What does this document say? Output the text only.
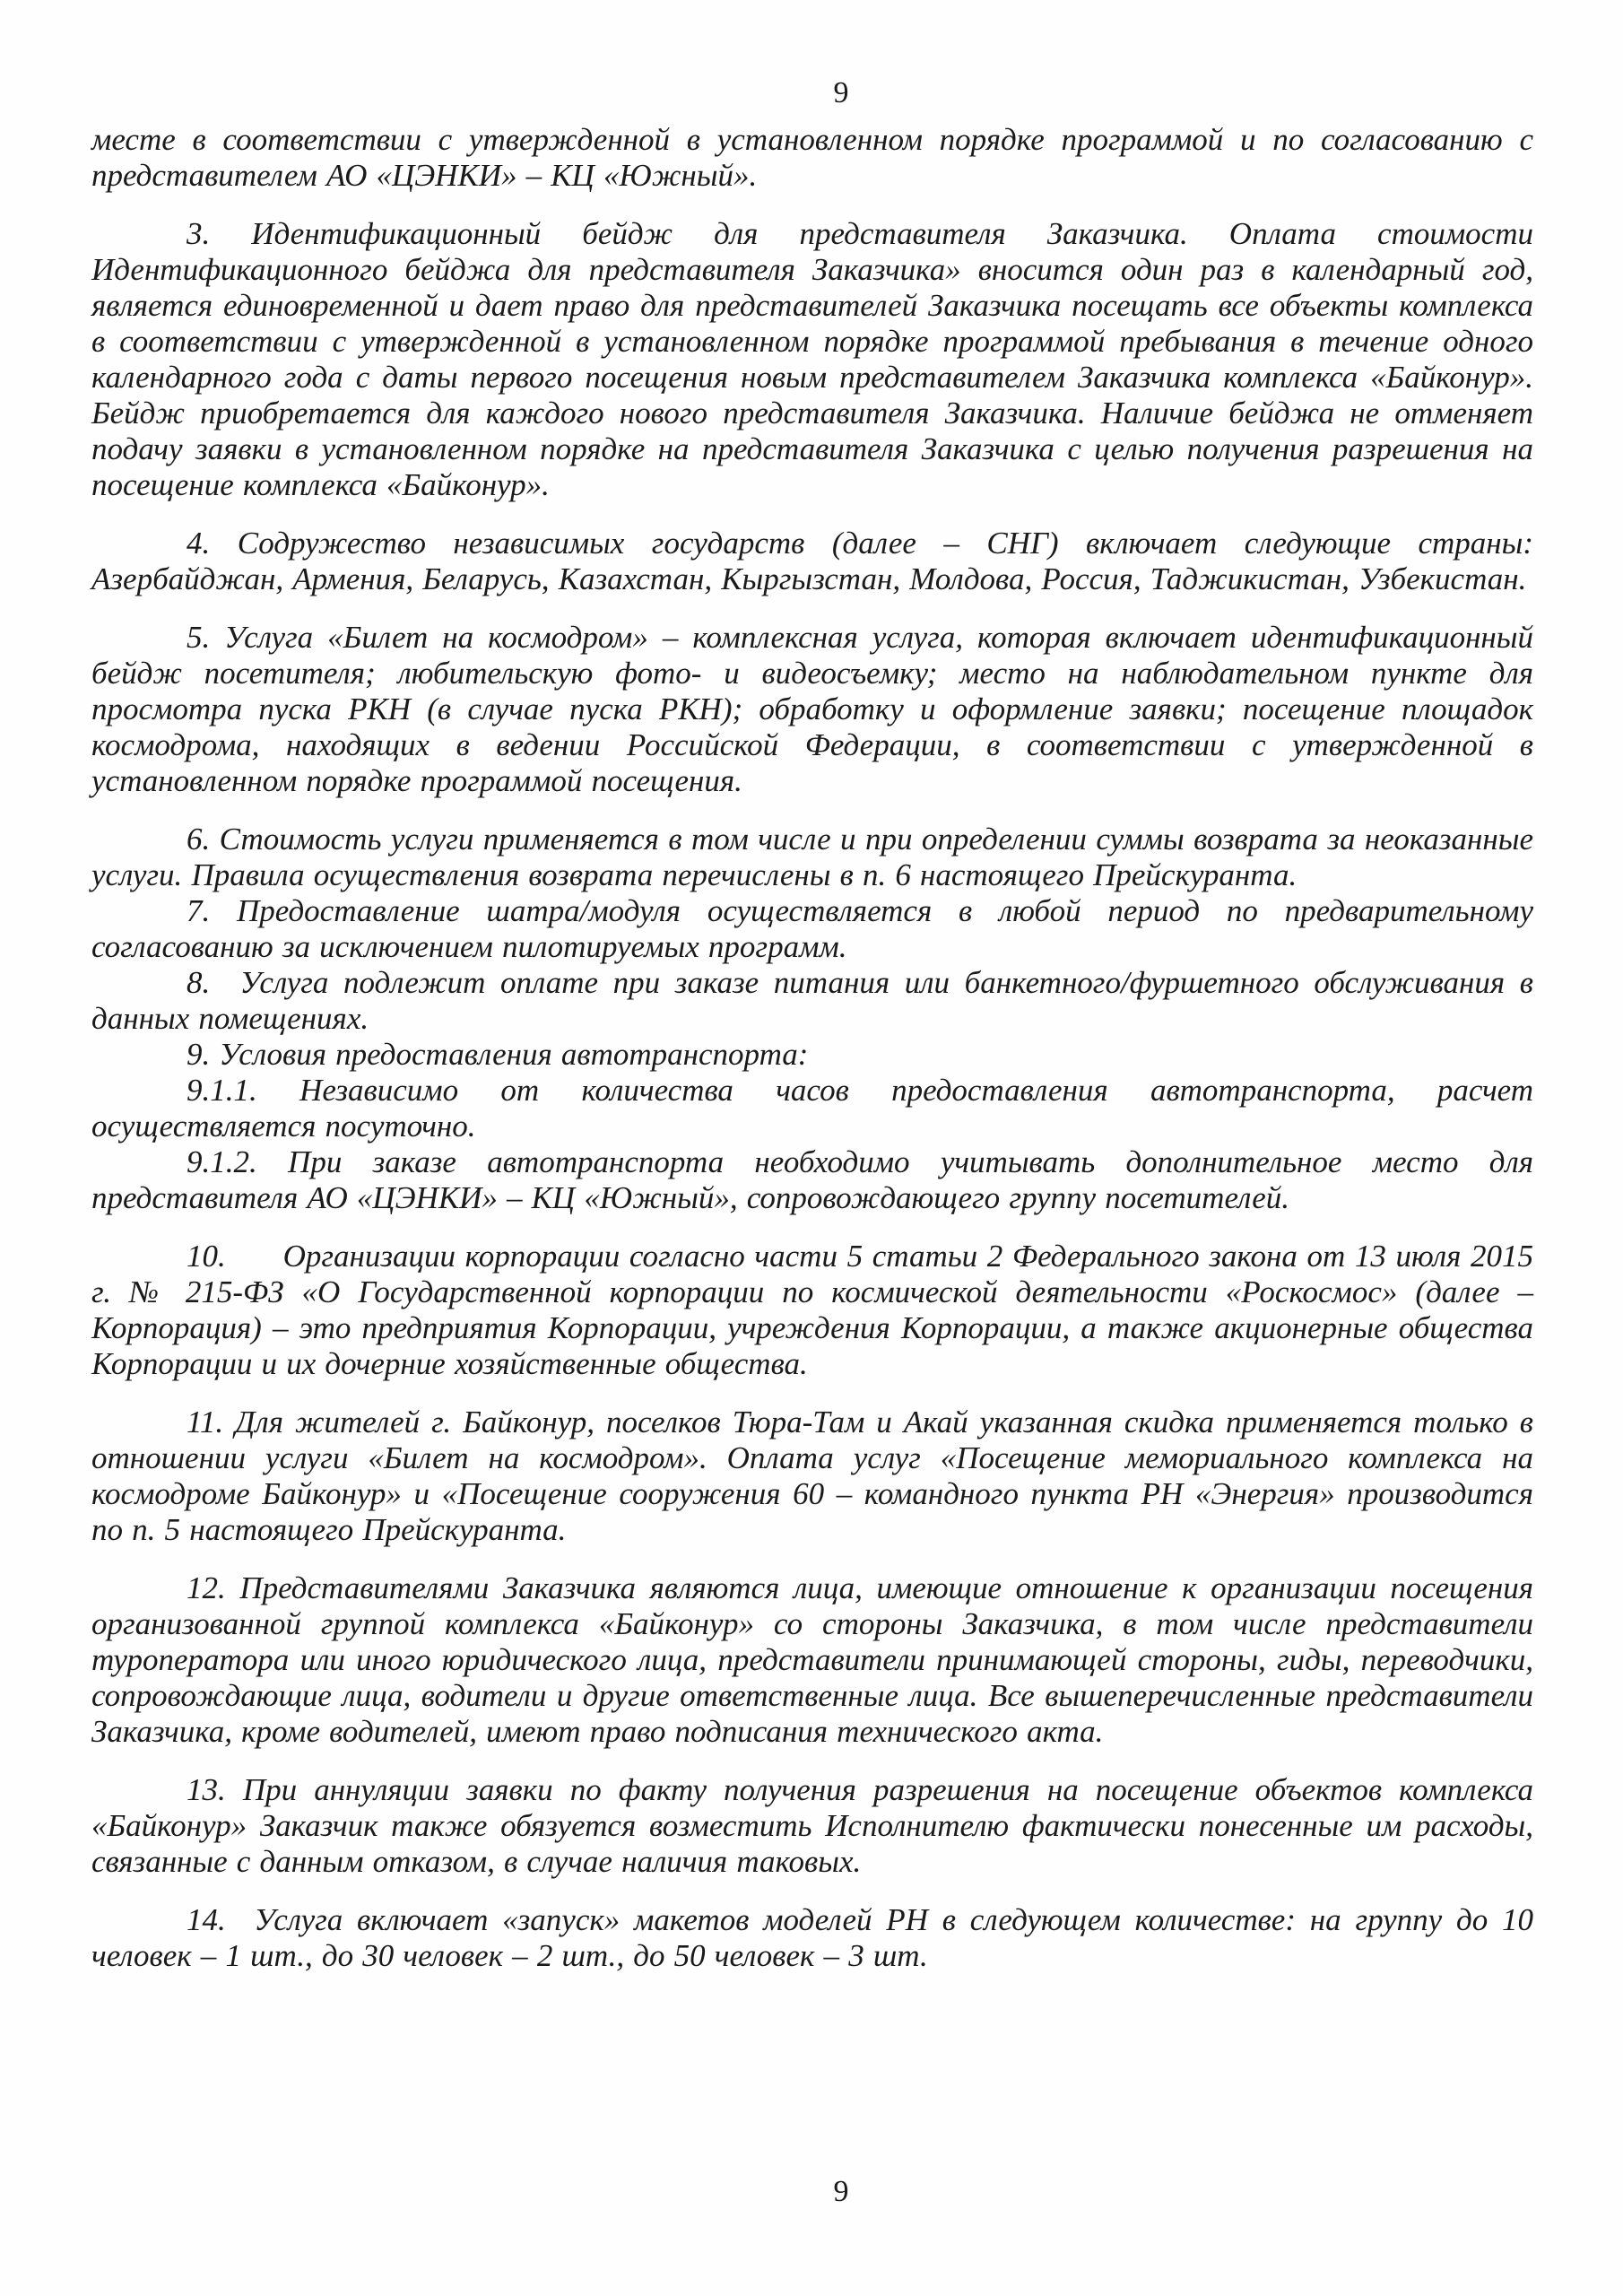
9

месте в соответствии с утвержденной в установленном порядке программой и по согласованию с представителем АО «ЦЭНКИ» – КЦ «Южный».

3. Идентификационный бейдж для представителя Заказчика. Оплата стоимости Идентификационного бейджа для представителя Заказчика» вносится один раз в календарный год, является единовременной и дает право для представителей Заказчика посещать все объекты комплекса в соответствии с утвержденной в установленном порядке программой пребывания в течение одного календарного года с даты первого посещения новым представителем Заказчика комплекса «Байконур». Бейдж приобретается для каждого нового представителя Заказчика. Наличие бейджа не отменяет подачу заявки в установленном порядке на представителя Заказчика с целью получения разрешения на посещение комплекса «Байконур».

4. Содружество независимых государств (далее – СНГ) включает следующие страны: Азербайджан, Армения, Беларусь, Казахстан, Кыргызстан, Молдова, Россия, Таджикистан, Узбекистан.

5. Услуга «Билет на космодром» – комплексная услуга, которая включает идентификационный бейдж посетителя; любительскую фото- и видеосъемку; место на наблюдательном пункте для просмотра пуска РКН (в случае пуска РКН); обработку и оформление заявки; посещение площадок космодрома, находящих в ведении Российской Федерации, в соответствии с утвержденной в установленном порядке программой посещения.

6. Стоимость услуги применяется в том числе и при определении суммы возврата за неоказанные услуги. Правила осуществления возврата перечислены в п. 6 настоящего Прейскуранта.

7. Предоставление шатра/модуля осуществляется в любой период по предварительному согласованию за исключением пилотируемых программ.

8.  Услуга подлежит оплате при заказе питания или банкетного/фуршетного обслуживания в данных помещениях.

9. Условия предоставления автотранспорта:

9.1.1. Независимо от количества часов предоставления автотранспорта, расчет осуществляется посуточно.

9.1.2. При заказе автотранспорта необходимо учитывать дополнительное место для представителя АО «ЦЭНКИ» – КЦ «Южный», сопровождающего группу посетителей.

10.      Организации корпорации согласно части 5 статьи 2 Федерального закона от 13 июля 2015 г. № 215-ФЗ «О Государственной корпорации по космической деятельности «Роскосмос» (далее – Корпорация) – это предприятия Корпорации, учреждения Корпорации, а также акционерные общества Корпорации и их дочерние хозяйственные общества.

11. Для жителей г. Байконур, поселков Тюра-Там и Акай указанная скидка применяется только в отношении услуги «Билет на космодром». Оплата услуг «Посещение мемориального комплекса на космодроме Байконур» и «Посещение сооружения 60 – командного пункта РН «Энергия» производится по п. 5 настоящего Прейскуранта.

12. Представителями Заказчика являются лица, имеющие отношение к организации посещения организованной группой комплекса «Байконур» со стороны Заказчика, в том числе представители туроператора или иного юридического лица, представители принимающей стороны, гиды, переводчики, сопровождающие лица, водители и другие ответственные лица. Все вышеперечисленные представители Заказчика, кроме водителей, имеют право подписания технического акта.

13. При аннуляции заявки по факту получения разрешения на посещение объектов комплекса «Байконур» Заказчик также обязуется возместить Исполнителю фактически понесенные им расходы, связанные с данным отказом, в случае наличия таковых.

14.  Услуга включает «запуск» макетов моделей РН в следующем количестве: на группу до 10 человек – 1 шт., до 30 человек – 2 шт., до 50 человек – 3 шт.

9
